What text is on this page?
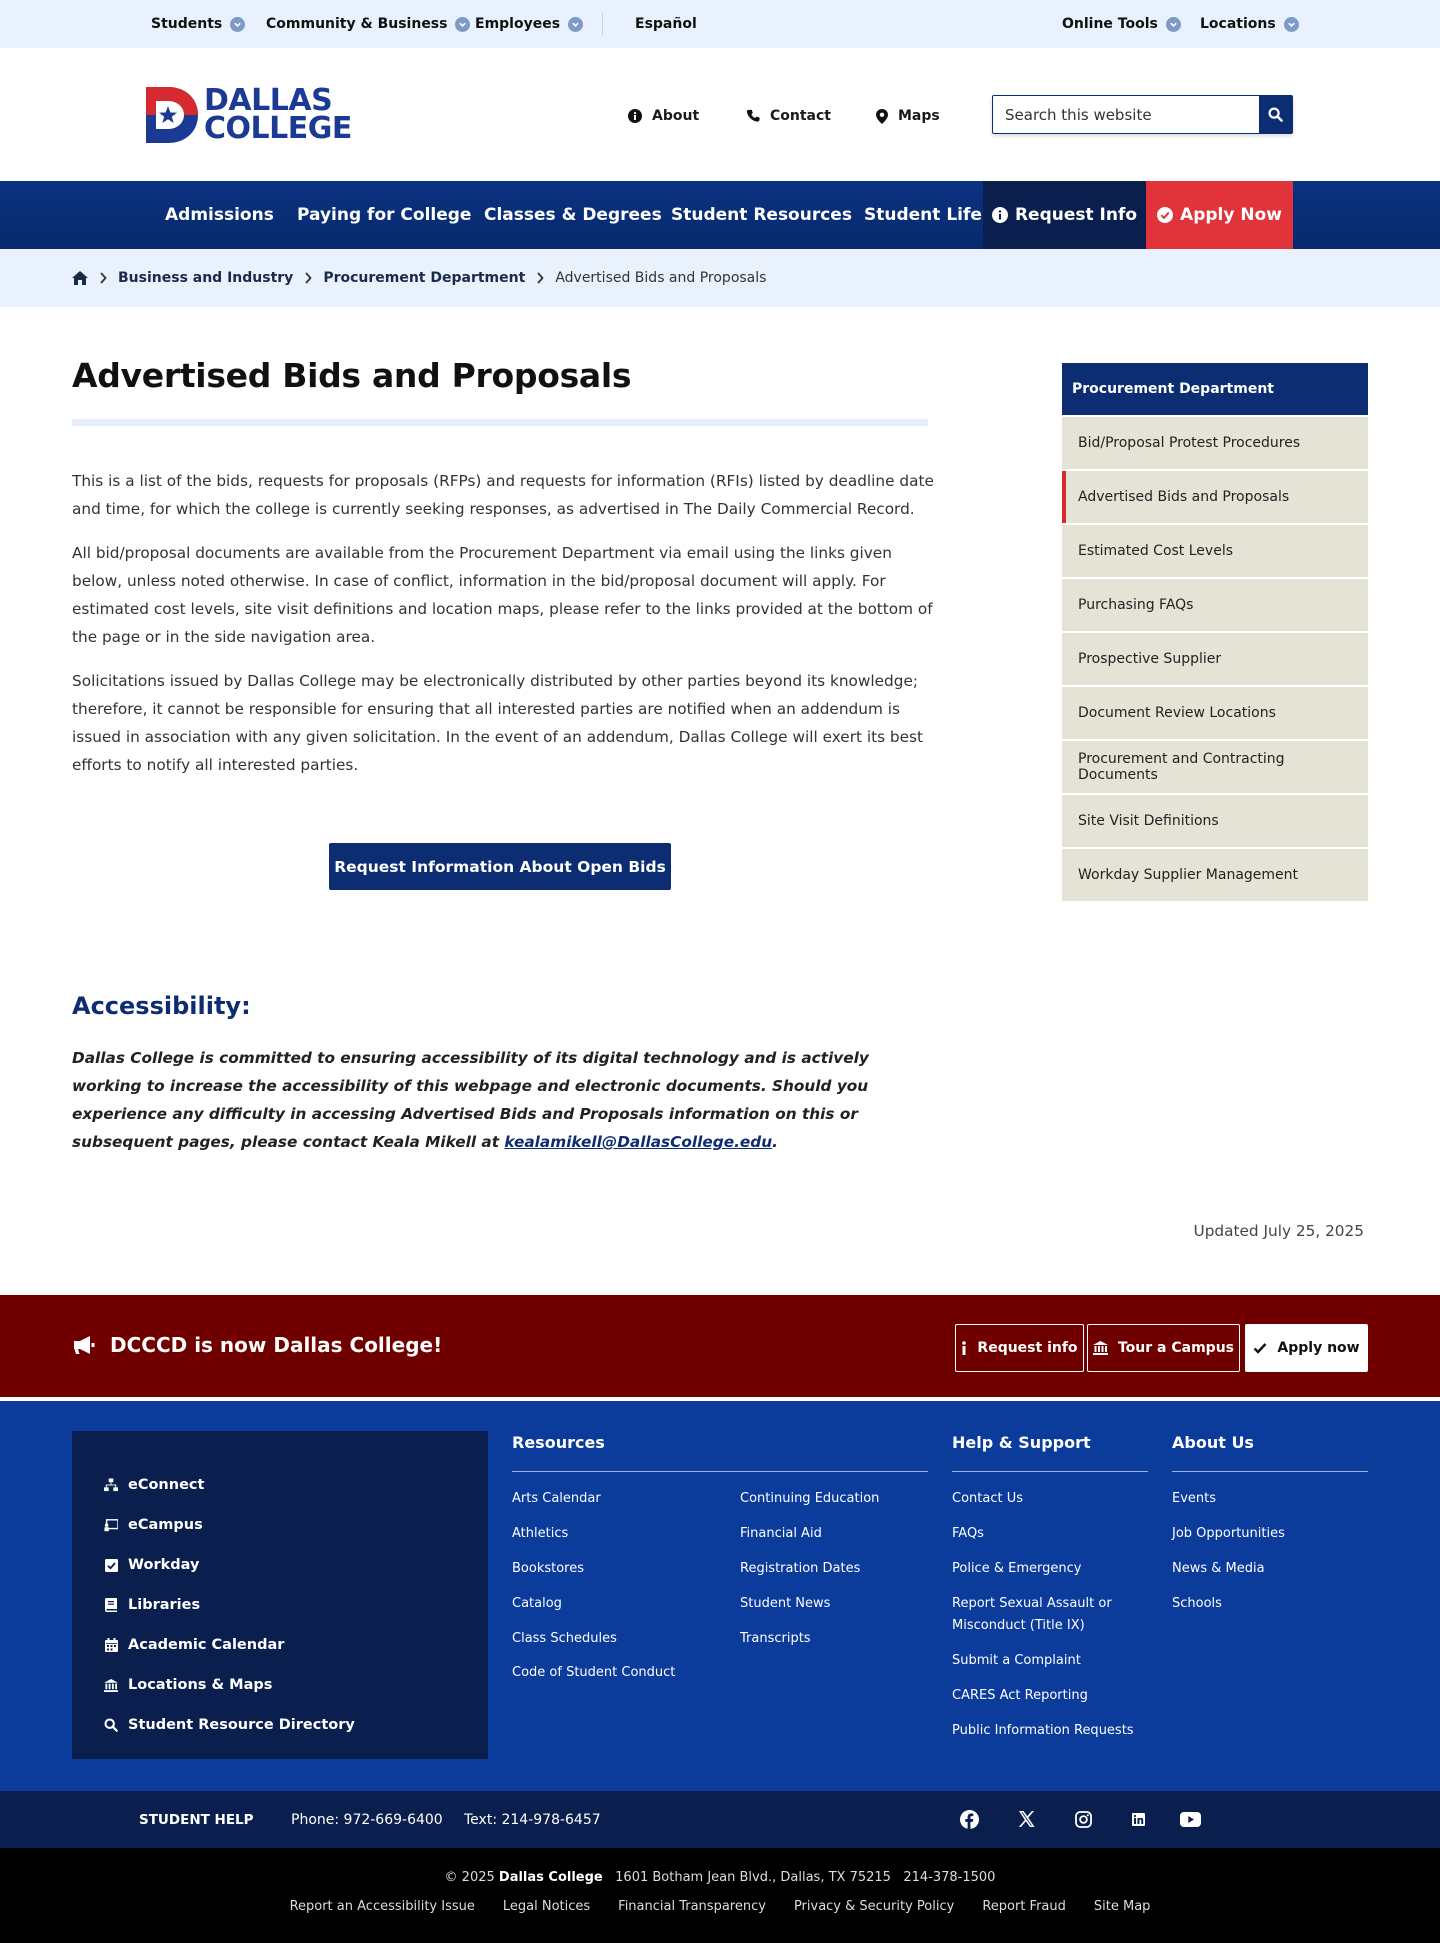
Students	Community & Business Employees	Español	Online Tools	Locations
DALLAS
COLLEGE	About	Contact	Maps
Search this website
Admissions Paying for College Classes & Degrees Student Resources Student Life Request Info	Apply Now
Business and Industry Procurement Department Advertised Bids and Proposals
Advertised Bids and Proposals

This is a list of the bids, requests for proposals (RFPs) and requests for information (RFIs) listed by deadline date and time, for which the college is currently seeking responses, as advertised in The Daily Commercial Record.

All bid/proposal documents are available from the Procurement Department via email using the links given below, unless noted otherwise. In case of conflict, information in the bid/proposal document will apply. For estimated cost levels, site visit definitions and location maps, please refer to the links provided at the bottom of the page or in the side navigation area.

Solicitations issued by Dallas College may be electronically distributed by other parties beyond its knowledge; therefore, it cannot be responsible for ensuring that all interested parties are notified when an addendum is issued in association with any given solicitation. In the event of an addendum, Dallas College will exert its best efforts to notify all interested parties.

Request Information About Open Bids
Accessibility:

Dallas College is committed to ensuring accessibility of its digital technology and is actively working to increase the accessibility of this webpage and electronic documents. Should you experience any difficulty in accessing Advertised Bids and Proposals information on this or subsequent pages, please contact Keala Mikell at kealamikell@DallasCollege.edu.

Updated July 25, 2025
Procurement Department
Bid/Proposal Protest Procedures
Advertised Bids and Proposals
Estimated Cost Levels
Purchasing FAQs
Prospective Supplier
Document Review Locations
Procurement and Contracting Documents
Site Visit Definitions
Workday Supplier Management
DCCCD is now Dallas College!	Request info	Tour a Campus	Apply now
eConnect
eCampus
Workday
Libraries
Academic Calendar
Locations & Maps
Student Resource Directory
Resources
Arts Calendar
Athletics
Bookstores
Catalog
Class Schedules
Code of Student Conduct
Continuing Education
Financial Aid
Registration Dates
Student News
Transcripts
Help & Support
Contact Us
FAQs
Police & Emergency
Report Sexual Assault or Misconduct (Title IX)
Submit a Complaint
CARES Act Reporting
Public Information Requests
About Us
Events
Job Opportunities
News & Media
Schools
STUDENT HELP	Phone: 972-669-6400 Text: 214-978-6457
© 2025 Dallas College 1601 Botham Jean Blvd., Dallas, TX 75215 214-378-1500
Report an Accessibility Issue Legal Notices Financial Transparency Privacy & Security Policy Report Fraud Site Map
